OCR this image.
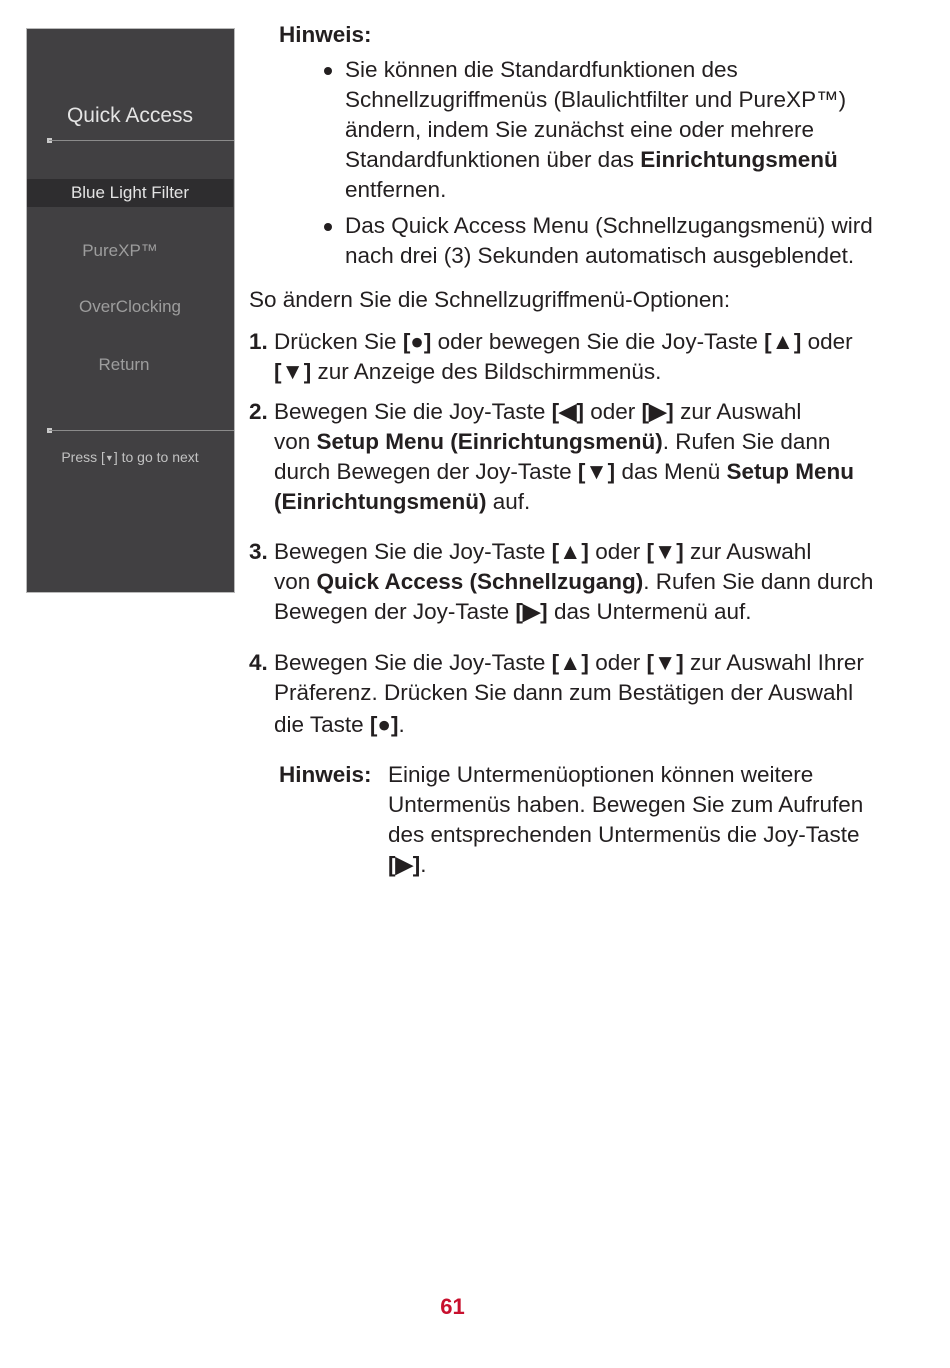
Quick Access
Blue Light Filter
PureXP™
OverClocking
Return
Press [▼] to go to next
Hinweis:
Sie können die Standardfunktionen des
Schnellzugriffmenüs (Blaulichtfilter und PureXP™)
ändern, indem Sie zunächst eine oder mehrere
Standardfunktionen über das Einrichtungsmenü
entfernen.
Das Quick Access Menu (Schnellzugangsmenü) wird
nach drei (3) Sekunden automatisch ausgeblendet.
So ändern Sie die Schnellzugriffmenü-Optionen:
1. Drücken Sie [●] oder bewegen Sie die Joy-Taste [▲] oder
[▼] zur Anzeige des Bildschirmmenüs.
2. Bewegen Sie die Joy-Taste [◀] oder [▶] zur Auswahl
von Setup Menu (Einrichtungsmenü). Rufen Sie dann
durch Bewegen der Joy-Taste [▼] das Menü Setup Menu
(Einrichtungsmenü) auf.
3. Bewegen Sie die Joy-Taste [▲] oder [▼] zur Auswahl
von Quick Access (Schnellzugang). Rufen Sie dann durch
Bewegen der Joy-Taste [▶] das Untermenü auf.
4. Bewegen Sie die Joy-Taste [▲] oder [▼] zur Auswahl Ihrer
Präferenz. Drücken Sie dann zum Bestätigen der Auswahl
die Taste [●].
Hinweis: Einige Untermenüoptionen können weitere
Untermenüs haben. Bewegen Sie zum Aufrufen
des entsprechenden Untermenüs die Joy-Taste
[▶].
61
